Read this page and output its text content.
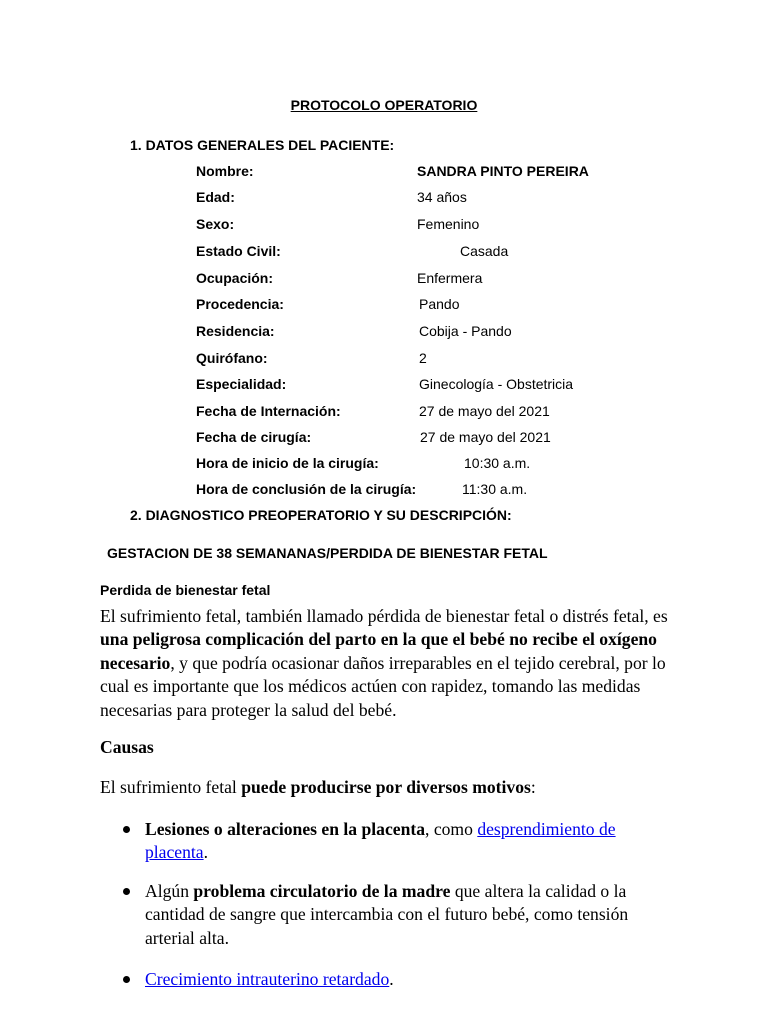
PROTOCOLO OPERATORIO
1. DATOS GENERALES DEL PACIENTE:
Nombre:	SANDRA PINTO PEREIRA
Edad:	34 años
Sexo:	Femenino
Estado Civil:	Casada
Ocupación:	Enfermera
Procedencia:	Pando
Residencia:	Cobija - Pando
Quirófano:	2
Especialidad:	Ginecología - Obstetricia
Fecha de Internación:	27 de mayo del 2021
Fecha de cirugía:	27 de mayo del 2021
Hora de inicio de la cirugía:	10:30 a.m.
Hora de conclusión de la cirugía:	11:30 a.m.
2. DIAGNOSTICO PREOPERATORIO Y SU DESCRIPCIÓN:
GESTACION DE 38 SEMANANAS/PERDIDA DE BIENESTAR FETAL
Perdida de bienestar fetal
El sufrimiento fetal, también llamado pérdida de bienestar fetal o distrés fetal, es una peligrosa complicación del parto en la que el bebé no recibe el oxígeno necesario, y que podría ocasionar daños irreparables en el tejido cerebral, por lo cual es importante que los médicos actúen con rapidez, tomando las medidas necesarias para proteger la salud del bebé.
Causas
El sufrimiento fetal puede producirse por diversos motivos:
Lesiones o alteraciones en la placenta, como desprendimiento de placenta.
Algún problema circulatorio de la madre que altera la calidad o la cantidad de sangre que intercambia con el futuro bebé, como tensión arterial alta.
Crecimiento intrauterino retardado.
